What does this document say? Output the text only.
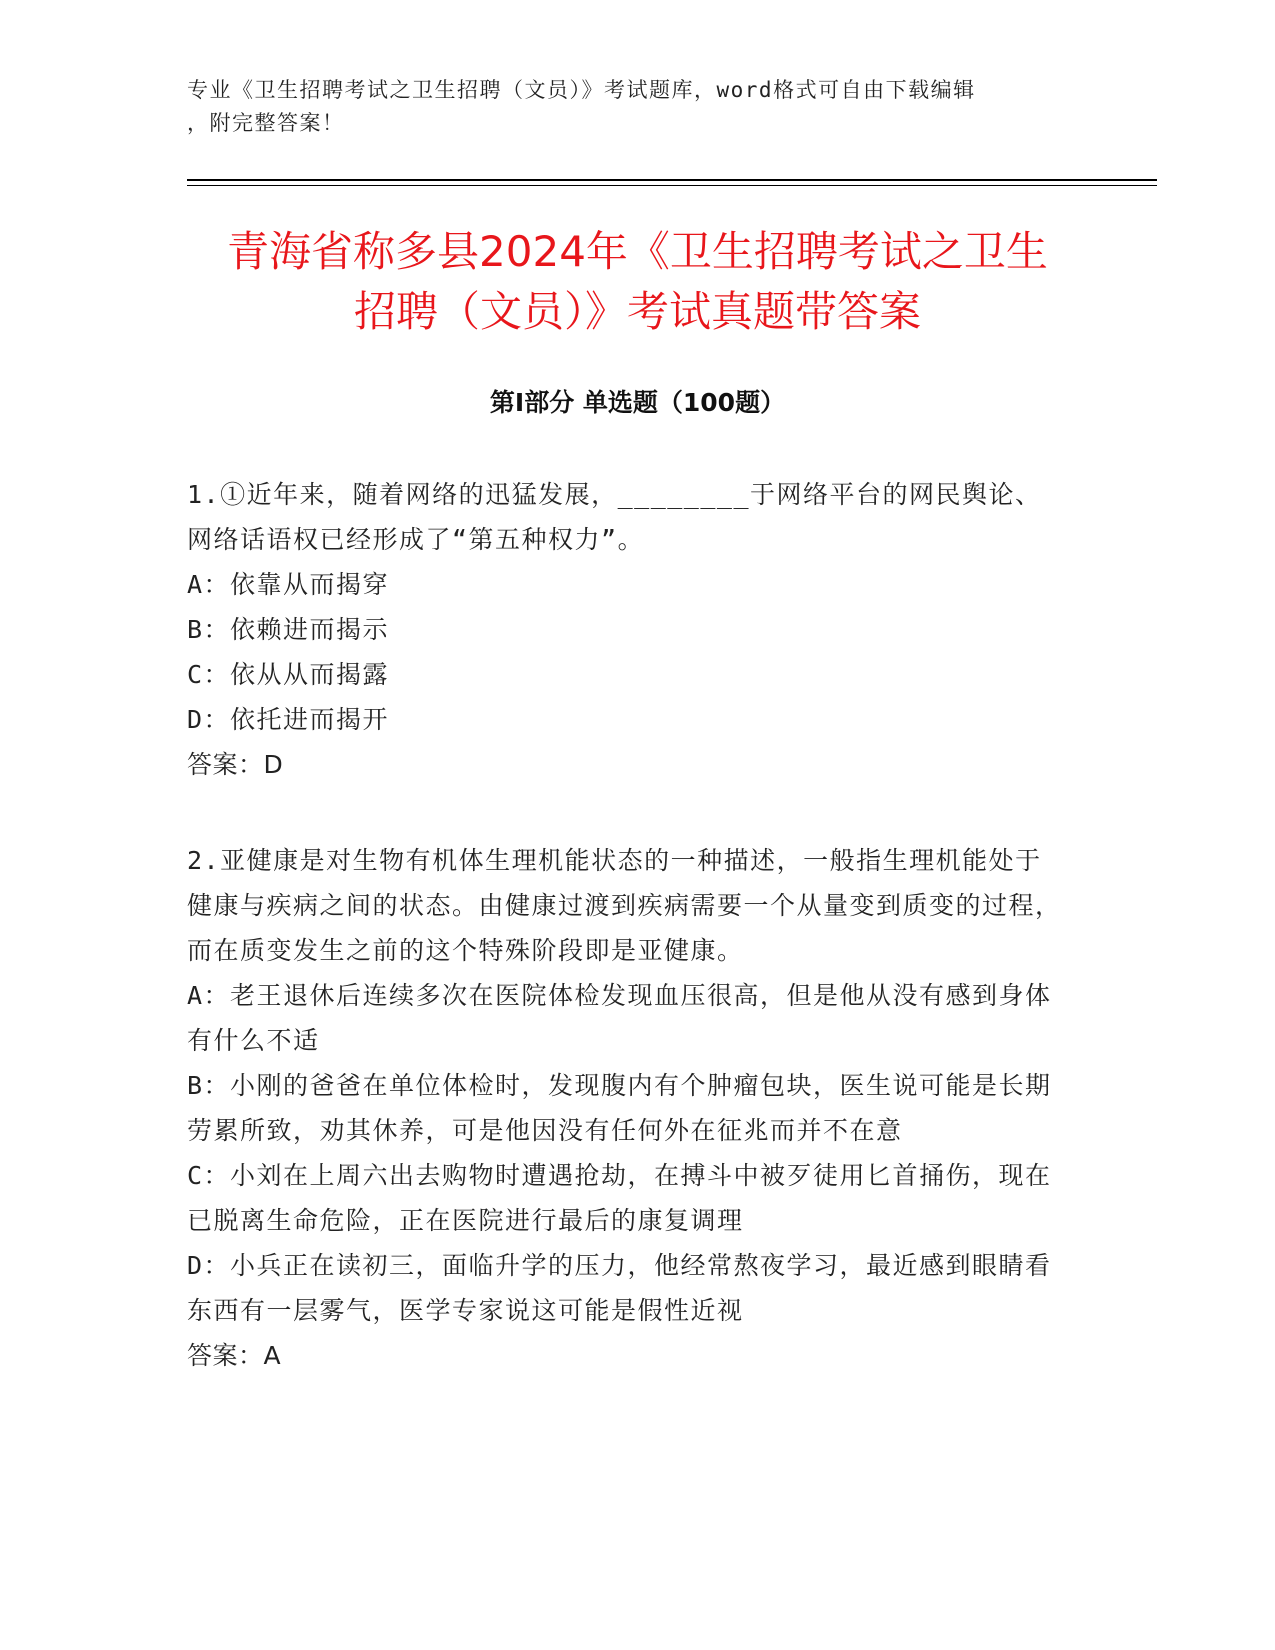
专业《卫生招聘考试之卫生招聘（文员）》考试题库，word格式可自由下载编辑
，附完整答案！
青海省称多县2024年《卫生招聘考试之卫生
招聘（文员）》考试真题带答案
第Ⅰ部分 单选题（100题）
1.①近年来，随着网络的迅猛发展，________于网络平台的网民舆论、网络话语权已经形成了“第五种权力”。
A：依靠从而揭穿
B：依赖进而揭示
C：依从从而揭露
D：依托进而揭开
答案：D
2.亚健康是对生物有机体生理机能状态的一种描述，一般指生理机能处于健康与疾病之间的状态。由健康过渡到疾病需要一个从量变到质变的过程，而在质变发生之前的这个特殊阶段即是亚健康。
A：老王退休后连续多次在医院体检发现血压很高，但是他从没有感到身体有什么不适
B：小刚的爸爸在单位体检时，发现腹内有个肿瘤包块，医生说可能是长期劳累所致，劝其休养，可是他因没有任何外在征兆而并不在意
C：小刘在上周六出去购物时遭遇抢劫，在搏斗中被歹徒用匕首捅伤，现在已脱离生命危险，正在医院进行最后的康复调理
D：小兵正在读初三，面临升学的压力，他经常熬夜学习，最近感到眼睛看东西有一层雾气，医学专家说这可能是假性近视
答案：A
